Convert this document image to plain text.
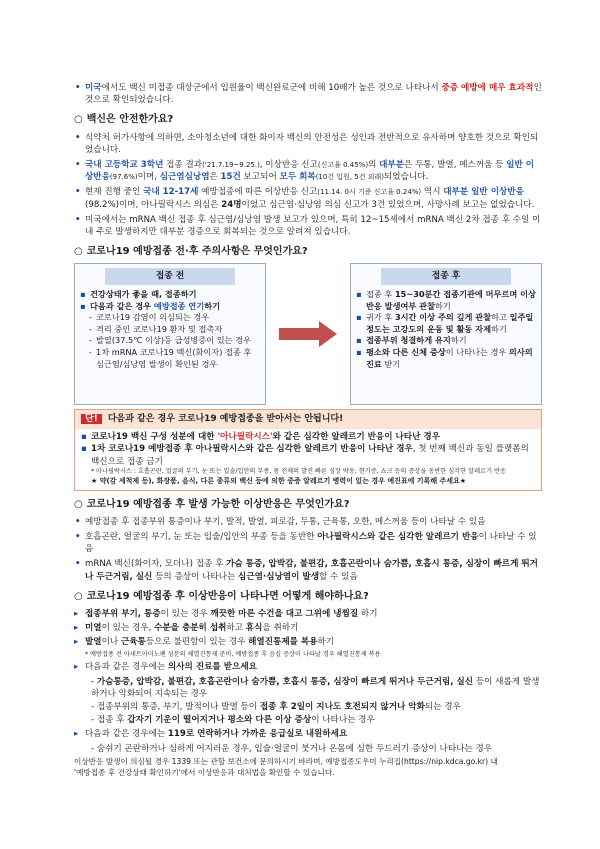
• 미국에서도 백신 미접종 대상군에서 입원율이 백신완료군에 비해 10배가 높은 것으로 나타나서 중증 예방에 매우 효과적인 것으로 확인되었습니다.

○ 백신은 안전한가요?

• 식약처 허가사항에 의하면, 소아청소년에 대한 화이자 백신의 안전성은 성인과 전반적으로 유사하며 양호한 것으로 확인되었습니다.

• 국내 고등학교 3학년 접종 결과('21.7.19~9.25.), 이상반응 신고(신고율 0.45%)의 대부분은 두통, 발열, 메스꺼움 등 일반 이상반응(97.6%)이며, 심근염심낭염은 15건 보고되어 모두 회복(10건 입원, 5건 외래)되었습니다.

• 현재 진행 중인 국내 12-17세 예방접종에 따른 이상반응 신고(11.14. 0시 기준 신고율 0.24%) 역시 대부분 일반 이상반응(98.2%)이며, 아나필락시스 의심은 24명이었고 심근염·심낭염 의심 신고가 3건 있었으며, 사망사례 보고는 없었습니다.

• 미국에서는 mRNA 백신 접종 후 심근염/심낭염 발생 보고가 있으며, 특히 12~15세에서 mRNA 백신 2차 접종 후 수일 이내 주로 발생하지만 대부분 경증으로 회복되는 것으로 알려져 있습니다.

○ 코로나19 예방접종 전·후 주의사항은 무엇인가요?
접종 전
▪ 건강상태가 좋을 때, 접종하기
▪ 다음과 같은 경우 예방접종 연기하기
- 코로나19 감염이 의심되는 경우
- 격리 중인 코로나19 환자 및 접촉자
- 발열(37.5℃ 이상)등 급성병증이 있는 경우
- 1차 mRNA 코로나19 백신(화이자) 접종 후 심근염/심낭염 발생이 확인된 경우
접종 후
▪ 접종 후 15~30분간 접종기관에 머무르며 이상반응 발생여부 관찰하기
▪ 귀가 후 3시간 이상 주의 깊게 관찰하고 일주일 정도는 고강도의 운동 및 활동 자제하기
▪ 접종부위 청결하게 유지하기
▪ 평소와 다른 신체 증상이 나타나는 경우 의사의 진료 받기
단! 다음과 같은 경우 코로나19 예방접종을 받아서는 안됩니다!
▪ 코로나19 백신 구성 성분에 대한 '아나필락시스'와 같은 심각한 알레르기 반응이 나타난 경우
▪ 1차 코로나19 예방접종 후 아나필락시스와 같은 심각한 알레르기 반응이 나타난 경우, 첫 번째 백신과 동일 플랫폼의 백신으로 접종 금기
* 아나필락시스 : 호흡곤란, 얼굴의 부기, 눈 또는 입술/입안의 부종, 몸 전체의 발진 빠른 심장 박동, 현기증, 쇼크 등의 증상을 동반한 심각한 알레르기 반응
★ 약(감 세척제 등), 화장품, 음식, 다른 종류의 백신 등에 의한 중증 알레르기 병력이 있는 경우 예진표에 기록해 주세요★
○ 코로나19 예방접종 후 발생 가능한 이상반응은 무엇인가요?

• 예방접종 후 접종부위 통증이나 부기, 발적, 발열, 피로감, 두통, 근육통, 오한, 메스꺼움 등이 나타날 수 있음

• 호흡곤란, 얼굴의 부기, 눈 또는 입술/입안의 부종 등을 동반한 아나필락시스와 같은 심각한 알레르기 반응이 나타날 수 있음

• mRNA 백신(화이자, 모더나) 접종 후 가슴 통증, 압박감, 불편감, 호흡곤란이나 숨가쁨, 호흡시 통증, 심장이 빠르게 뛰거나 두근거림, 실신 등의 증상이 나타나는 심근염·심낭염이 발생할 수 있음

○ 코로나19 예방접종 후 이상반응이 나타나면 어떻게 해야하나요?

▸ 접종부위 부기, 통증이 있는 경우 깨끗한 마른 수건을 대고 그위에 냉찜질 하기

▸ 미열이 있는 경우, 수분을 충분히 섭취하고 휴식을 취하기

▸ 발열이나 근육통등으로 불편함이 있는 경우 해열진통제를 복용하기

* 예방접종 전 아세트아미노펜 성분의 해열진통제 준비, 예방접종 후 음실 증상이 나타날 경우 해열진통제 복용

▸ 다음과 같은 경우에는 의사의 진료를 받으세요

- 가슴통증, 압박감, 불편감, 호흡곤란이나 숨가쁨, 호흡시 통증, 심장이 빠르게 뛰거나 두근거림, 실신 등이 새롭게 발생하거나 악화되어 지속되는 경우

- 접종부위의 통증, 부기, 발적이나 발열 등이 접종 후 2일이 지나도 호전되지 않거나 악화되는 경우

- 접종 후 갑자기 기운이 떨어지거나 평소와 다른 이상 증상이 나타나는 경우

▸ 다음과 같은 경우에는 119로 연락하거나 가까운 응급실로 내원하세요

- 숨쉬기 곤란하거나 심하게 어지러운 경우, 입술·얼굴이 붓거나 온몸에 심한 두드러기 증상이 나타나는 경우

이상반응 발생이 의심될 경우 1339 또는 관할 보건소에 문의하시기 바라며, 예방접종도우미 누리집(https://nip.kdca.go.kr) 내
'예방접종 후 건강상태 확인하기'에서 이상반응과 대처법을 확인할 수 있습니다.
